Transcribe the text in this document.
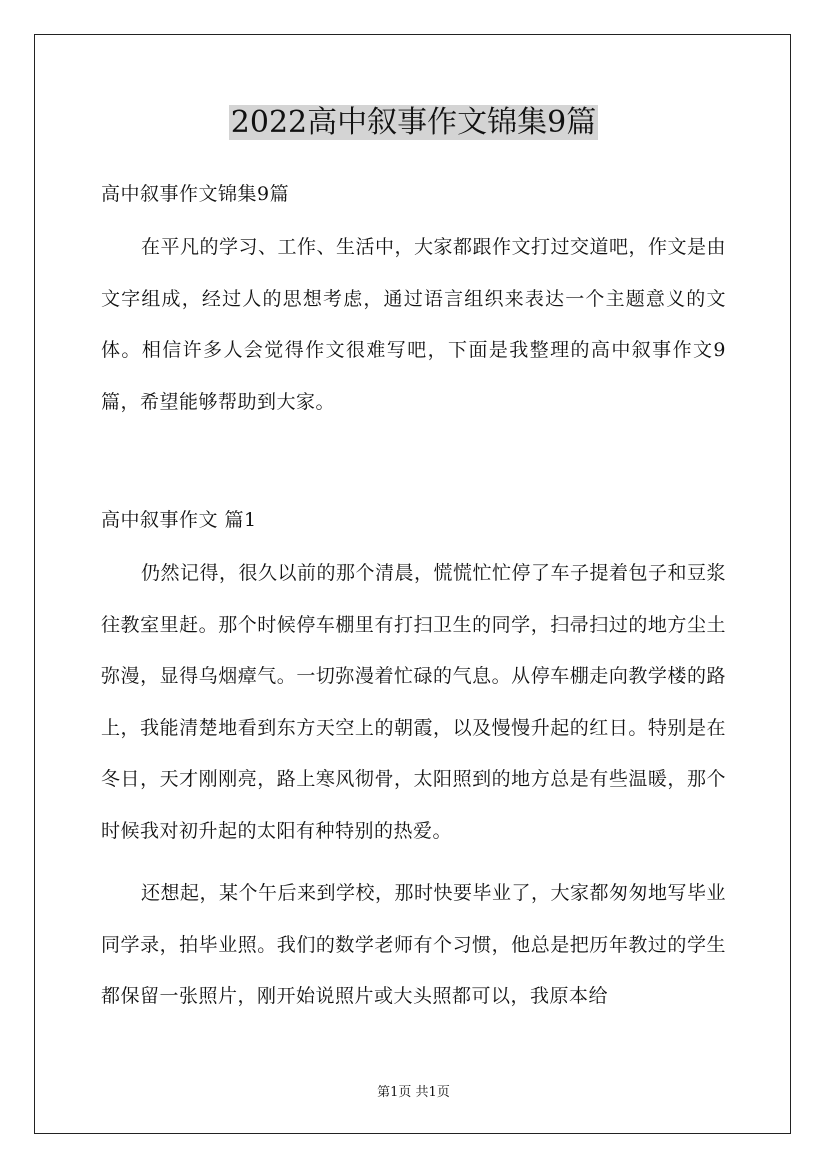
2022高中叙事作文锦集9篇
高中叙事作文锦集9篇

在平凡的学习、工作、生活中，大家都跟作文打过交道吧，作文是由文字组成，经过人的思想考虑，通过语言组织来表达一个主题意义的文体。相信许多人会觉得作文很难写吧，下面是我整理的高中叙事作文9篇，希望能够帮助到大家。

高中叙事作文 篇1

仍然记得，很久以前的那个清晨，慌慌忙忙停了车子提着包子和豆浆往教室里赶。那个时候停车棚里有打扫卫生的同学，扫帚扫过的地方尘土弥漫，显得乌烟瘴气。一切弥漫着忙碌的气息。从停车棚走向教学楼的路上，我能清楚地看到东方天空上的朝霞，以及慢慢升起的红日。特别是在冬日，天才刚刚亮，路上寒风彻骨，太阳照到的地方总是有些温暖，那个时候我对初升起的太阳有种特别的热爱。

还想起，某个午后来到学校，那时快要毕业了，大家都匆匆地写毕业同学录，拍毕业照。我们的数学老师有个习惯，他总是把历年教过的学生都保留一张照片，刚开始说照片或大头照都可以，我原本给

第1页 共1页
